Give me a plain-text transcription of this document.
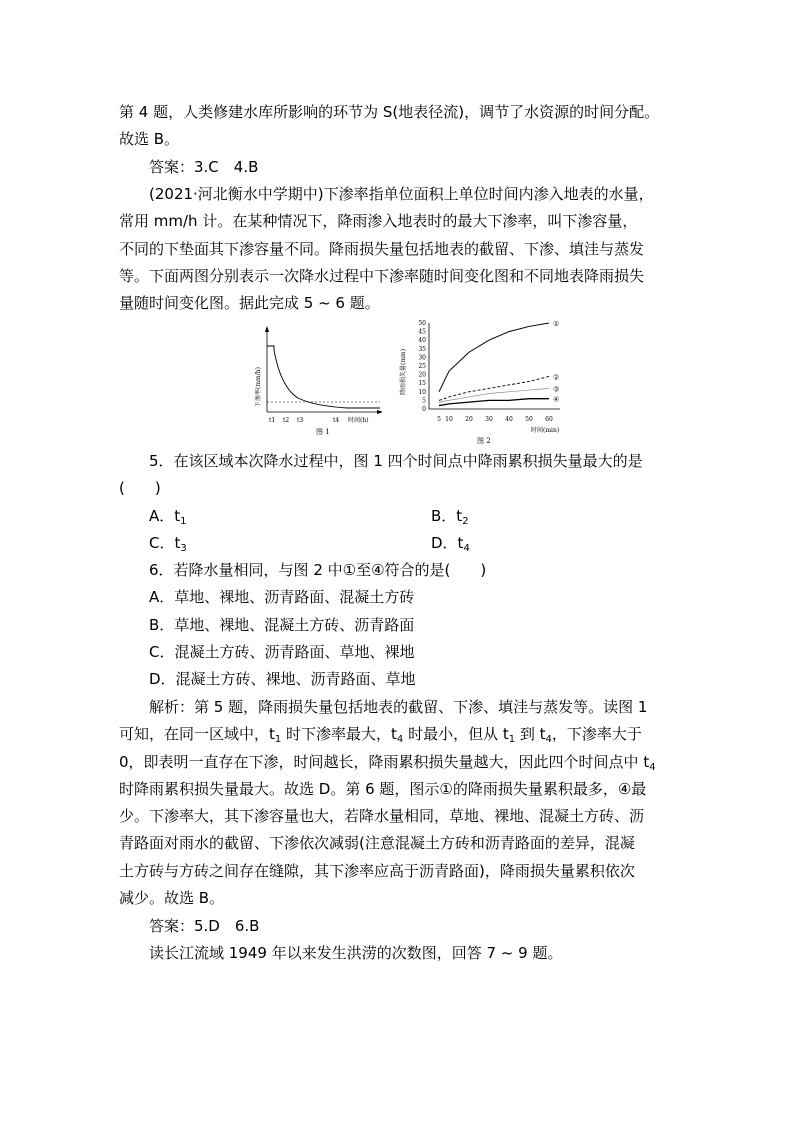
第 4 题，人类修建水库所影响的环节为 S(地表径流)，调节了水资源的时间分配。
故选 B。
答案：3.C　4.B
(2021·河北衡水中学期中)下渗率指单位面积上单位时间内渗入地表的水量，
常用 mm/h 计。在某种情况下，降雨渗入地表时的最大下渗率，叫下渗容量，
不同的下垫面其下渗容量不同。降雨损失量包括地表的截留、下渗、填洼与蒸发
等。下面两图分别表示一次降水过程中下渗率随时间变化图和不同地表降雨损失
量随时间变化图。据此完成 5 ~ 6 题。
下渗率(mm/h)
t1 t2 t3	t4 时间(h)
图 1
降雨损失量(mm)
50
45
40
35
30
25
20
15
10
5
0
5 10 20 30 40 50 60
①
②
③
④
时间(min)
图 2
5．在该区域本次降水过程中，图 1 四个时间点中降雨累积损失量最大的是
(　　)
A．$t_1$	B．$t_2$
C．$t_3$	D．$t_4$
6．若降水量相同，与图 2 中①至④符合的是(　　)
A．草地、裸地、沥青路面、混凝土方砖
B．草地、裸地、混凝土方砖、沥青路面
C．混凝土方砖、沥青路面、草地、裸地
D．混凝土方砖、裸地、沥青路面、草地
解析：第 5 题，降雨损失量包括地表的截留、下渗、填洼与蒸发等。读图 1
可知，在同一区域中，$t_1$ 时下渗率最大，$t_4$ 时最小，但从 $t_1$ 到 $t_4$，下渗率大于
0，即表明一直存在下渗，时间越长，降雨累积损失量越大，因此四个时间点中 $t_4$
时降雨累积损失量最大。故选 D。第 6 题，图示①的降雨损失量累积最多，④最
少。下渗率大，其下渗容量也大，若降水量相同，草地、裸地、混凝土方砖、沥
青路面对雨水的截留、下渗依次减弱(注意混凝土方砖和沥青路面的差异，混凝
土方砖与方砖之间存在缝隙，其下渗率应高于沥青路面)，降雨损失量累积依次
减少。故选 B。
答案：5.D　6.B
读长江流域 1949 年以来发生洪涝的次数图，回答 7 ~ 9 题。
